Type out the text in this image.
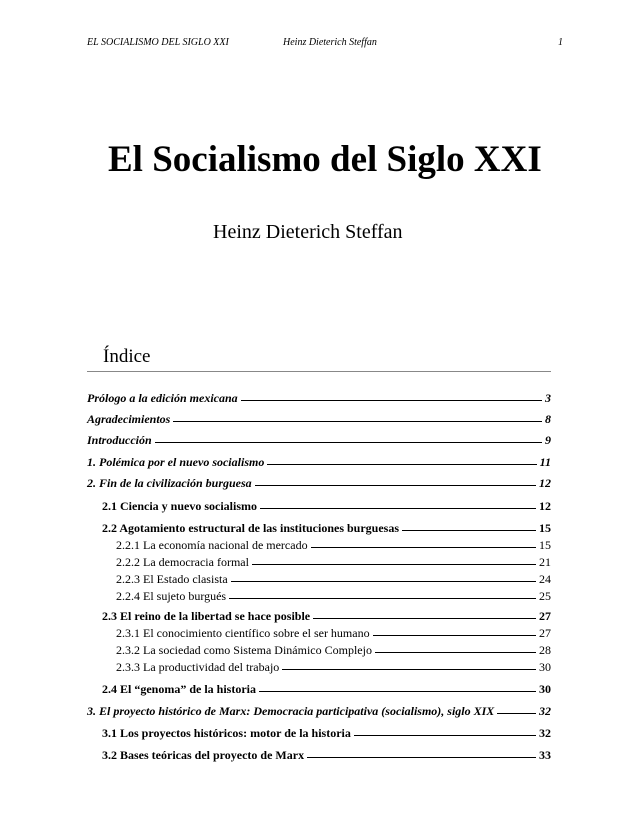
EL SOCIALISMO DEL SIGLO XXI	Heinz Dieterich Steffan	1
El Socialismo del Siglo XXI
Heinz Dieterich Steffan
Índice
Prólogo a la edición mexicana	3
Agradecimientos	8
Introducción	9
1. Polémica por el nuevo socialismo	11
2. Fin de la civilización burguesa	12
2.1 Ciencia y nuevo socialismo	12
2.2 Agotamiento estructural de las instituciones burguesas	15
2.2.1 La economía nacional de mercado	15
2.2.2 La democracia formal	21
2.2.3 El Estado clasista	24
2.2.4 El sujeto burgués	25
2.3 El reino de la libertad se hace posible	27
2.3.1 El conocimiento científico sobre el ser humano	27
2.3.2 La sociedad como Sistema Dinámico Complejo	28
2.3.3 La productividad del trabajo	30
2.4 El “genoma” de la historia	30
3. El proyecto histórico de Marx: Democracia participativa (socialismo), siglo XIX	32
3.1 Los proyectos históricos: motor de la historia	32
3.2 Bases teóricas del proyecto de Marx	33
